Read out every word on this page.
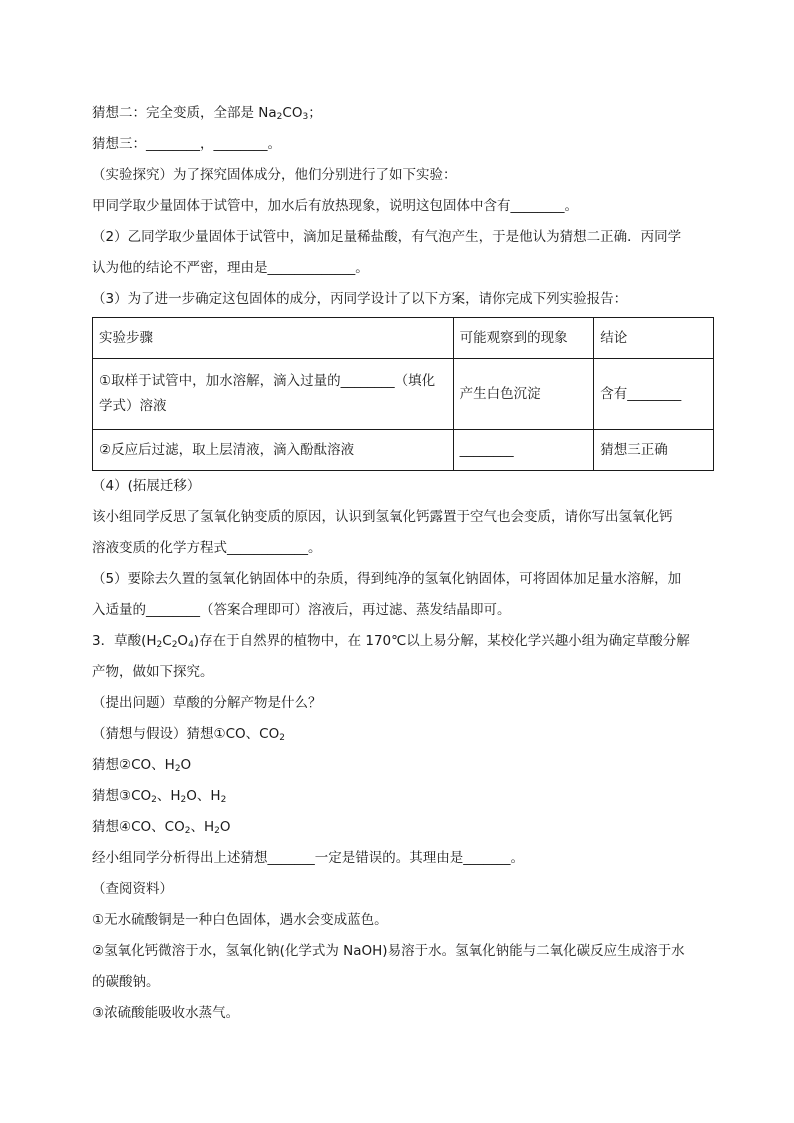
猜想二：完全变质，全部是 $Na_2CO_3$；
猜想三：________，________。
（实验探究）为了探究固体成分，他们分别进行了如下实验：
甲同学取少量固体于试管中，加水后有放热现象，说明这包固体中含有________。
（2）乙同学取少量固体于试管中，滴加足量稀盐酸，有气泡产生，于是他认为猜想二正确．丙同学
认为他的结论不严密，理由是_____________。
（3）为了进一步确定这包固体的成分，丙同学设计了以下方案，请你完成下列实验报告：
实验步骤	可能观察到的现象	结论

①取样于试管中，加水溶解，滴入过量的________（填化
学式）溶液	产生白色沉淀	含有________
②反应后过滤，取上层清液，滴入酚酞溶液	________	猜想三正确
（4）(拓展迁移）
该小组同学反思了氢氧化钠变质的原因，认识到氢氧化钙露置于空气也会变质，请你写出氢氧化钙
溶液变质的化学方程式____________。
（5）要除去久置的氢氧化钠固体中的杂质，得到纯净的氢氧化钠固体，可将固体加足量水溶解，加
入适量的________（答案合理即可）溶液后，再过滤、蒸发结晶即可。
3．草酸$(H_2C_2O_4)$存在于自然界的植物中，在 170℃以上易分解，某校化学兴趣小组为确定草酸分解
产物，做如下探究。
（提出问题）草酸的分解产物是什么？
（猜想与假设）猜想①CO、$CO_2$
猜想②CO、$H_2O$
猜想$③CO_2$、$H_2O$、$H_2$
猜想④CO、$CO_2$、$H_2O$
经小组同学分析得出上述猜想_______一定是错误的。其理由是_______。
（查阅资料）
①无水硫酸铜是一种白色固体，遇水会变成蓝色。
②氢氧化钙微溶于水，氢氧化钠(化学式为 NaOH)易溶于水。氢氧化钠能与二氧化碳反应生成溶于水
的碳酸钠。
③浓硫酸能吸收水蒸气。
